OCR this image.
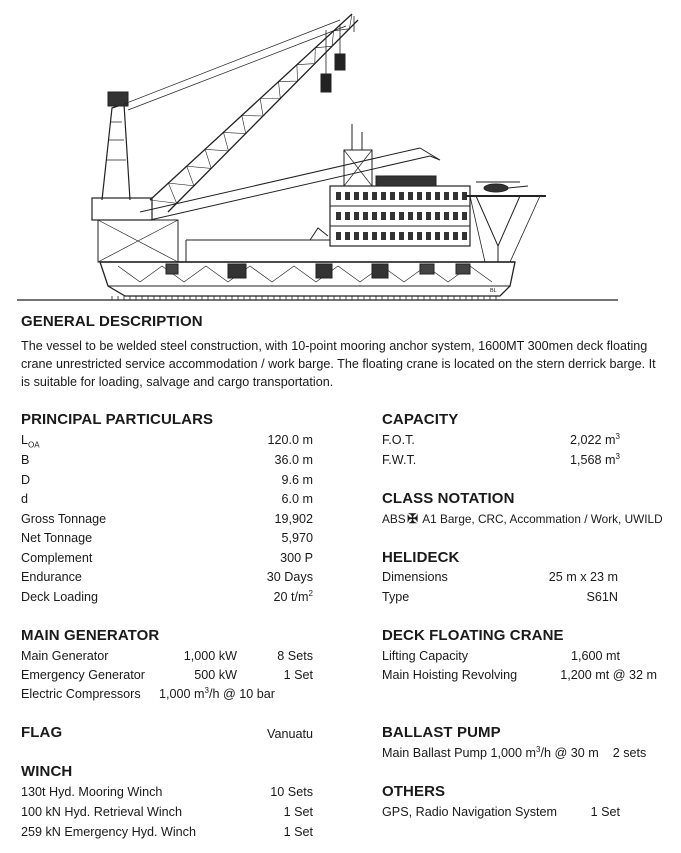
BL
GENERAL DESCRIPTION
The vessel to be welded steel construction, with 10-point mooring anchor system, 1600MT 300men deck floating crane unrestricted service accommodation / work barge. The floating crane is located on the stern derrick barge. It is suitable for loading, salvage and cargo transportation.
PRINCIPAL PARTICULARS
$L_{OA}$	120.0 m
B	36.0 m
D	9.6 m
d	6.0 m
Gross Tonnage	19,902
Net Tonnage	5,970
Complement	300 P
Endurance	30 Days
Deck Loading	20 $t/m^2$
MAIN GENERATOR
Main Generator	1,000 kW	8 Sets
Emergency Generator	500 kW	1 Set
Electric Compressors 1,000 $m^3/h$ @ 10 bar
FLAG	Vanuatu
WINCH
130t Hyd. Mooring Winch	10 Sets
100 kN Hyd. Retrieval Winch	1 Set
259 kN Emergency Hyd. Winch	1 Set
CAPACITY
F.O.T.	2,022 $m^3$
F.W.T.	1,568 $m^3$
CLASS NOTATION
ABS ✠ A1 Barge, CRC, Accommation / Work, UWILD
HELIDECK
Dimensions	25 m x 23 m
Type	S61N
DECK FLOATING CRANE
Lifting Capacity	1,600 mt
Main Hoisting Revolving	1,200 mt @ 32 m
BALLAST PUMP
Main Ballast Pump 1,000 $m^3/h$ @ 30 m    2 sets
OTHERS
GPS, Radio Navigation System	1 Set
